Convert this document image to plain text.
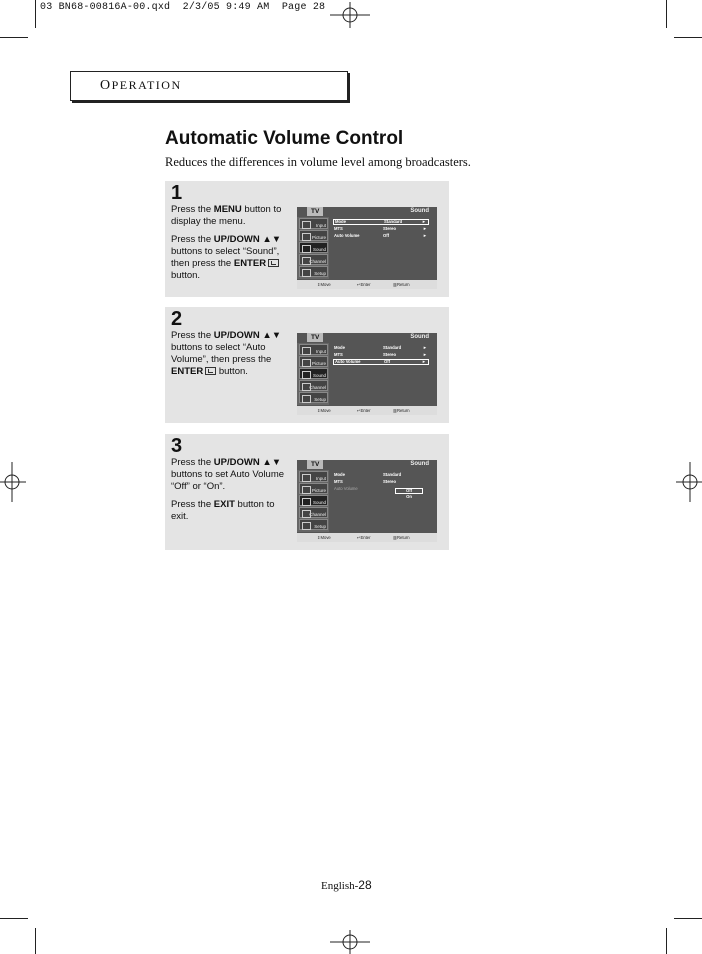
03 BN68-00816A-00.qxd  2/3/05 9:49 AM  Page 28
OPERATION
Automatic Volume Control
Reduces the differences in volume level among broadcasters.
1

Press the MENU button to display the menu.

Press the UP/DOWN ▲▼ buttons to select “Sound”, then press the ENTER button.

TV	Sound
Input
Picture
Sound
Channel
Setup
Mode	Standard	►
MTS	Stereo	►
Auto Volume	Off	►
⇕ Move	↵ Enter	▥ Return
2

Press the UP/DOWN ▲▼ buttons to select “Auto Volume”, then press the ENTER button.

TV	Sound
Input
Picture
Sound
Channel
Setup
Mode	Standard	►
MTS	Stereo	►
Auto Volume	Off	►
⇕ Move	↵ Enter	▥ Return
3

Press the UP/DOWN ▲▼ buttons to set Auto Volume “Off” or “On”.

Press the EXIT button to exit.

TV	Sound
Input
Picture
Sound
Channel
Setup
Mode	Standard
MTS	Stereo
Auto Volume	Off
On
⇕ Move	↵ Enter	▥ Return
English-28
